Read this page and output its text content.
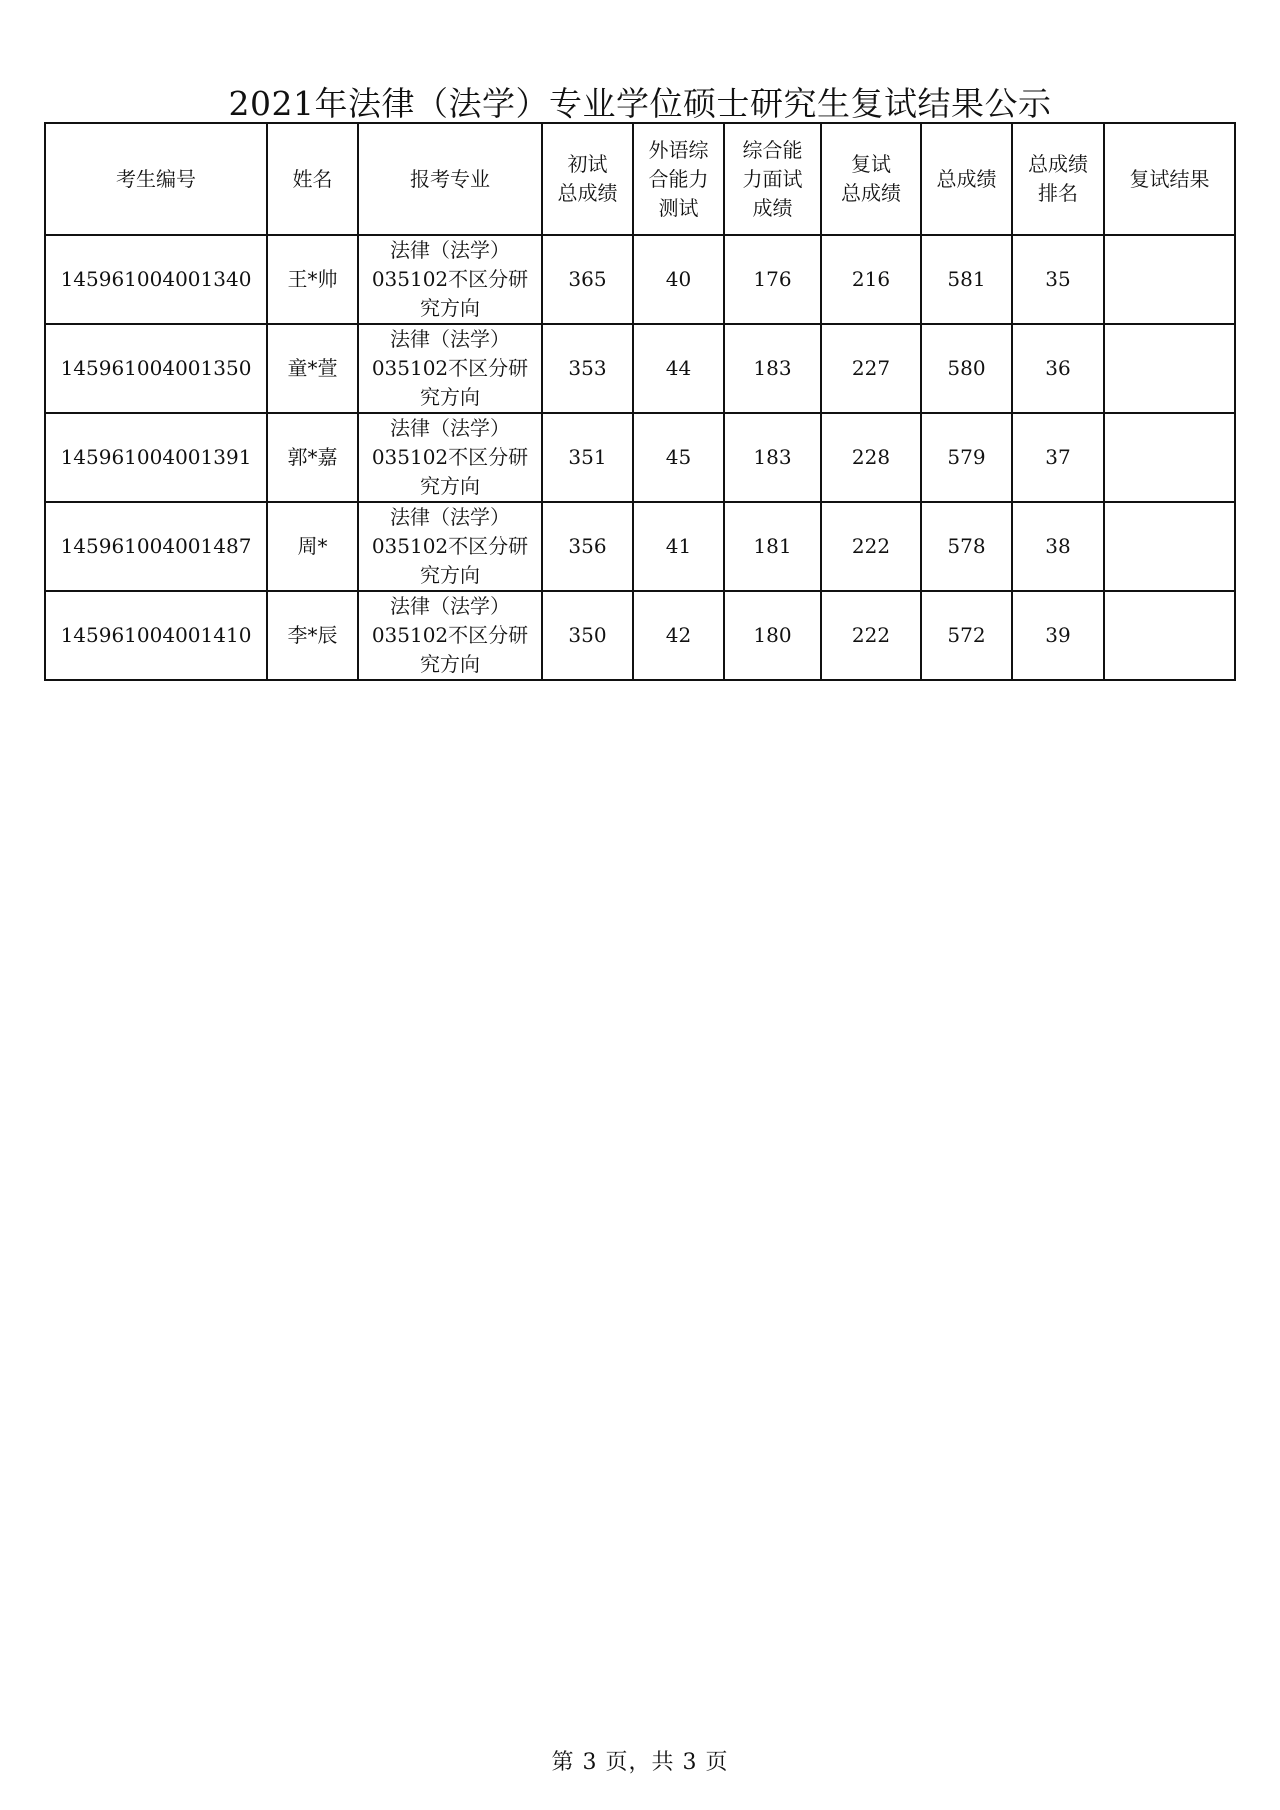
2021年法律（法学）专业学位硕士研究生复试结果公示
考生编号	姓名	报考专业	初试
总成绩	外语综
合能力
测试	综合能
力面试
成绩	复试
总成绩	总成绩	总成绩
排名	复试结果

145961004001340	王*帅	法律（法学）
035102不区分研
究方向	365	40	176	216	581	35	
145961004001350	童*萱	法律（法学）
035102不区分研
究方向	353	44	183	227	580	36	
145961004001391	郭*嘉	法律（法学）
035102不区分研
究方向	351	45	183	228	579	37	
145961004001487	周*	法律（法学）
035102不区分研
究方向	356	41	181	222	578	38	
145961004001410	李*辰	法律（法学）
035102不区分研
究方向	350	42	180	222	572	39	
第 3 页，共 3 页
